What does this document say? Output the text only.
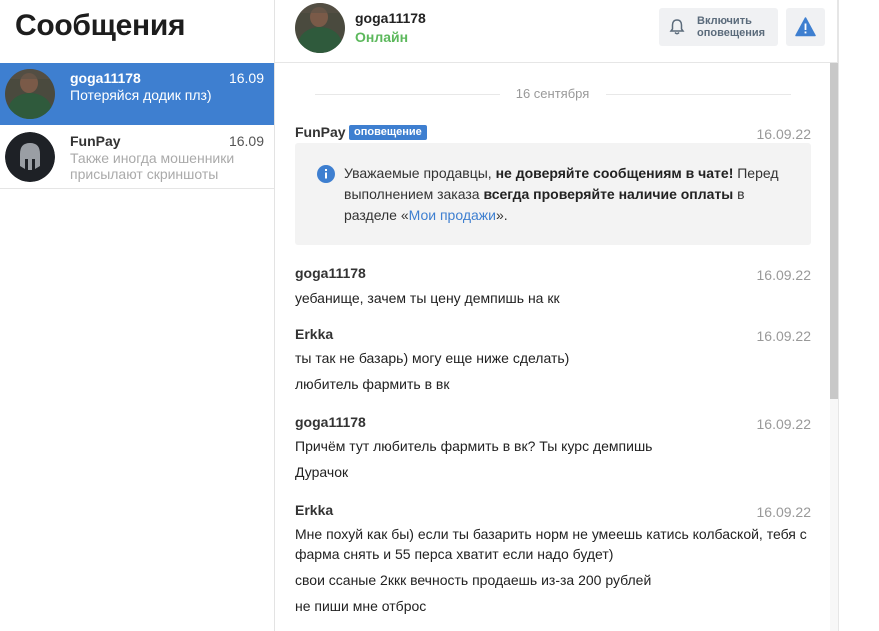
Сообщения
goga11178	16.09
Потеряйся додик плз)
FunPay	16.09
Также иногда мошенники присылают скриншоты
goga11178
Онлайн
Включить
оповещения
16 сентября
FunPay оповещение	16.09.22
Уважаемые продавцы, не доверяйте сообщениям в чате! Перед выполнением заказа всегда проверяйте наличие оплаты в разделе «Мои продажи».
goga11178	16.09.22
уебанище, зачем ты цену демпишь на кк
Erkka	16.09.22
ты так не базарь) могу еще ниже сделать)
любитель фармить в вк
goga11178	16.09.22
Причём тут любитель фармить в вк? Ты курс демпишь
Дурачок
Erkka	16.09.22
Мне похуй как бы) если ты базарить норм не умеешь катись колбаской, тебя с
фарма снять и 55 перса хватит если надо будет)
свои ссаные 2ккк вечность продаешь из-за 200 рублей
не пиши мне отброс
